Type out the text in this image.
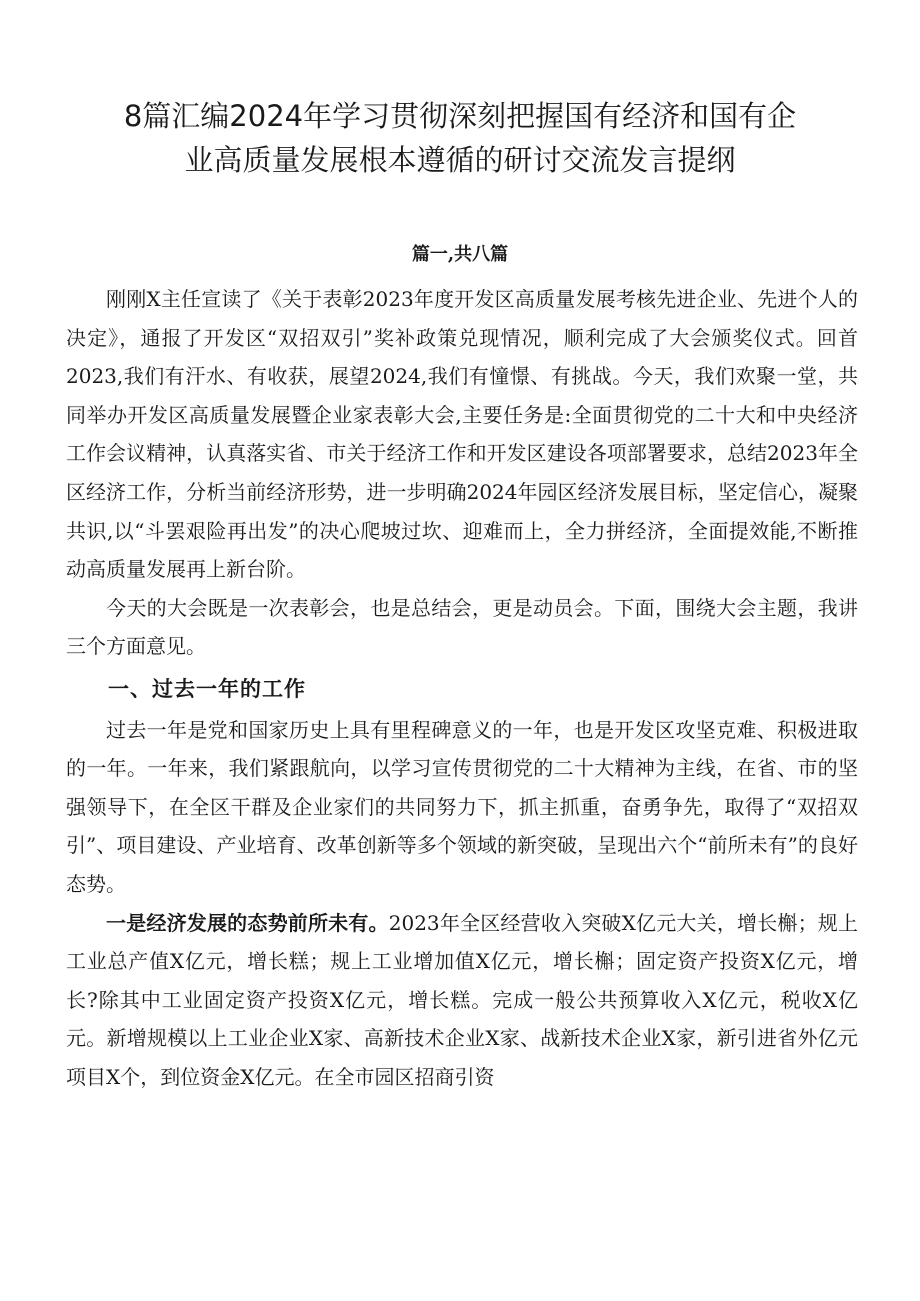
8篇汇编2024年学习贯彻深刻把握国有经济和国有企
业高质量发展根本遵循的研讨交流发言提纲
篇一,共八篇

刚刚X主任宣读了《关于表彰2023年度开发区高质量发展考核先进企业、先进个人的决定》，通报了开发区“双招双引”奖补政策兑现情况，顺利完成了大会颁奖仪式。回首2023,我们有汗水、有收获，展望2024,我们有憧憬、有挑战。今天，我们欢聚一堂，共同举办开发区高质量发展暨企业家表彰大会,主要任务是:全面贯彻党的二十大和中央经济工作会议精神，认真落实省、市关于经济工作和开发区建设各项部署要求，总结2023年全区经济工作，分析当前经济形势，进一步明确2024年园区经济发展目标，坚定信心，凝聚共识,以“斗罢艰险再出发”的决心爬坡过坎、迎难而上，全力拼经济，全面提效能,不断推动高质量发展再上新台阶。

今天的大会既是一次表彰会，也是总结会，更是动员会。下面，围绕大会主题，我讲三个方面意见。

一、过去一年的工作

过去一年是党和国家历史上具有里程碑意义的一年，也是开发区攻坚克难、积极进取的一年。一年来，我们紧跟航向，以学习宣传贯彻党的二十大精神为主线，在省、市的坚强领导下，在全区干群及企业家们的共同努力下，抓主抓重，奋勇争先，取得了“双招双引”、项目建设、产业培育、改革创新等多个领域的新突破，呈现出六个“前所未有”的良好态势。

一是经济发展的态势前所未有。2023年全区经营收入突破X亿元大关，增长槲；规上工业总产值X亿元，增长糕；规上工业增加值X亿元，增长槲；固定资产投资X亿元，增长?除其中工业固定资产投资X亿元，增长糕。完成一般公共预算收入X亿元，税收X亿元。新增规模以上工业企业X家、高新技术企业X家、战新技术企业X家，新引进省外亿元项目X个，到位资金X亿元。在全市园区招商引资
